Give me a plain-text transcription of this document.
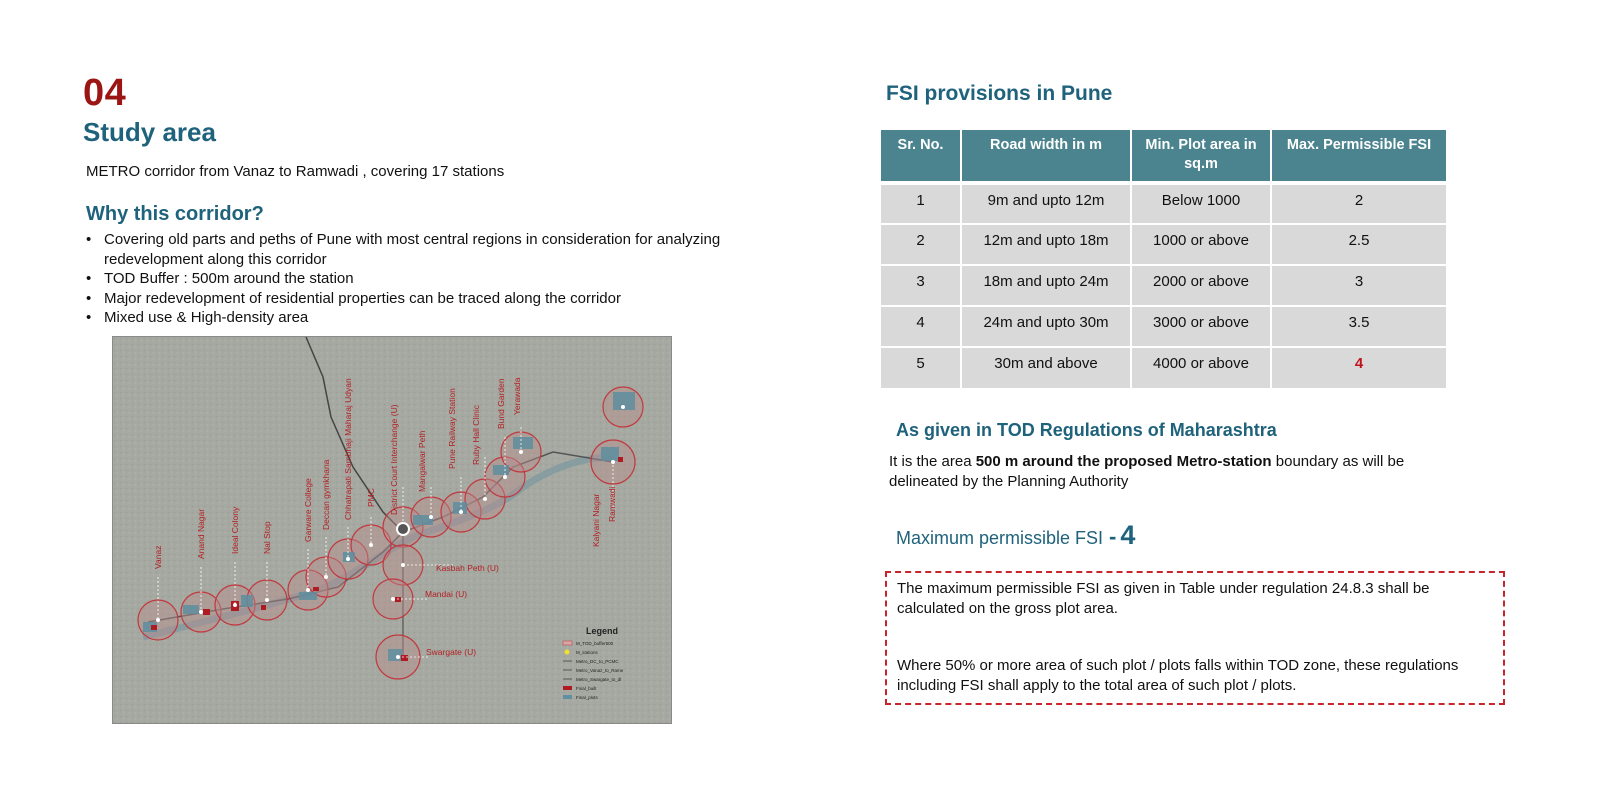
04
Study area
METRO corridor from Vanaz to Ramwadi , covering 17 stations
Why this corridor?
• Covering old parts and peths of Pune with most central regions in consideration for analyzing redevelopment along this corridor
• TOD Buffer : 500m around the station
• Major redevelopment of residential properties can be traced along the corridor
• Mixed use & High-density area
Vanaz	Anand Nagar	Ideal Colony	Nal Stop	Garware College Deccan gymkhana Chhatrapati Sambhaji Maharaj Udyan PMC District Court Interchange (U) Mangalwar Peth Pune Railway Station Ruby Hall Clinic
Bund Garden Yerawada
Kalyani Nagar Ramwadi
Kasbah Peth (U)
Mandai (U)
Swargate (U)
Legend
M_TOD_buffer500
M_stations
Metro_DC_to_PCMC
Metro_Vanaz_to_Rame
Metro_Swargate_to_dl
Final_built
Final_plots
FSI provisions in Pune
Sr. No.	Road width in m	Min. Plot area in sq.m	Max. Permissible FSI
1	9m and upto 12m	Below 1000	2
2	12m and upto 18m	1000 or above	2.5
3	18m and upto 24m	2000 or above	3
4	24m and upto 30m	3000 or above	3.5
5	30m and above	4000 or above	4
As given in TOD Regulations of Maharashtra
It is the area 500 m around the proposed Metro-station boundary as will be delineated by the Planning Authority
Maximum permissible FSI - 4

The maximum permissible FSI as given in Table under regulation 24.8.3 shall be calculated on the gross plot area.

Where 50% or more area of such plot / plots falls within TOD zone, these regulations including FSI shall apply to the total area of such plot / plots.
